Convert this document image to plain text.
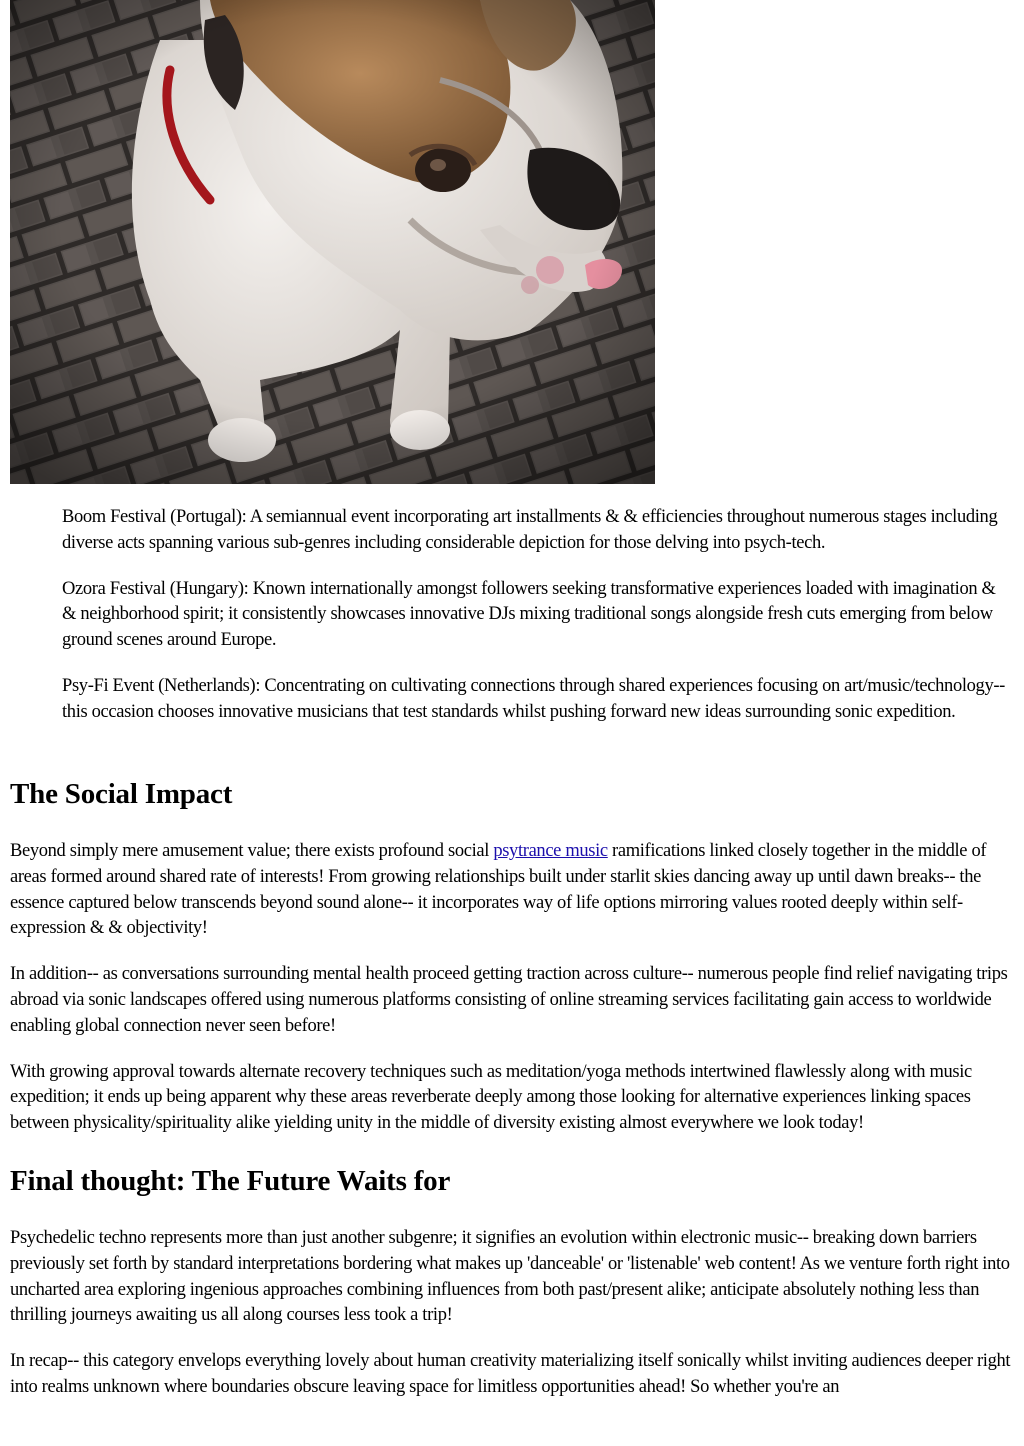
Boom Festival (Portugal): A semiannual event incorporating art installments & & efficiencies throughout numerous stages including diverse acts spanning various sub-genres including considerable depiction for those delving into psych-tech.

Ozora Festival (Hungary): Known internationally amongst followers seeking transformative experiences loaded with imagination & & neighborhood spirit; it consistently showcases innovative DJs mixing traditional songs alongside fresh cuts emerging from below ground scenes around Europe.

Psy-Fi Event (Netherlands): Concentrating on cultivating connections through shared experiences focusing on art/music/technology-- this occasion chooses innovative musicians that test standards whilst pushing forward new ideas surrounding sonic expedition.

The Social Impact

Beyond simply mere amusement value; there exists profound social psytrance music ramifications linked closely together in the middle of areas formed around shared rate of interests! From growing relationships built under starlit skies dancing away up until dawn breaks-- the essence captured below transcends beyond sound alone-- it incorporates way of life options mirroring values rooted deeply within self-expression & & objectivity!

In addition-- as conversations surrounding mental health proceed getting traction across culture-- numerous people find relief navigating trips abroad via sonic landscapes offered using numerous platforms consisting of online streaming services facilitating gain access to worldwide enabling global connection never seen before!

With growing approval towards alternate recovery techniques such as meditation/yoga methods intertwined flawlessly along with music expedition; it ends up being apparent why these areas reverberate deeply among those looking for alternative experiences linking spaces between physicality/spirituality alike yielding unity in the middle of diversity existing almost everywhere we look today!

Final thought: The Future Waits for

Psychedelic techno represents more than just another subgenre; it signifies an evolution within electronic music-- breaking down barriers previously set forth by standard interpretations bordering what makes up 'danceable' or 'listenable' web content! As we venture forth right into uncharted area exploring ingenious approaches combining influences from both past/present alike; anticipate absolutely nothing less than thrilling journeys awaiting us all along courses less took a trip!

In recap-- this category envelops everything lovely about human creativity materializing itself sonically whilst inviting audiences deeper right into realms unknown where boundaries obscure leaving space for limitless opportunities ahead! So whether you're an
